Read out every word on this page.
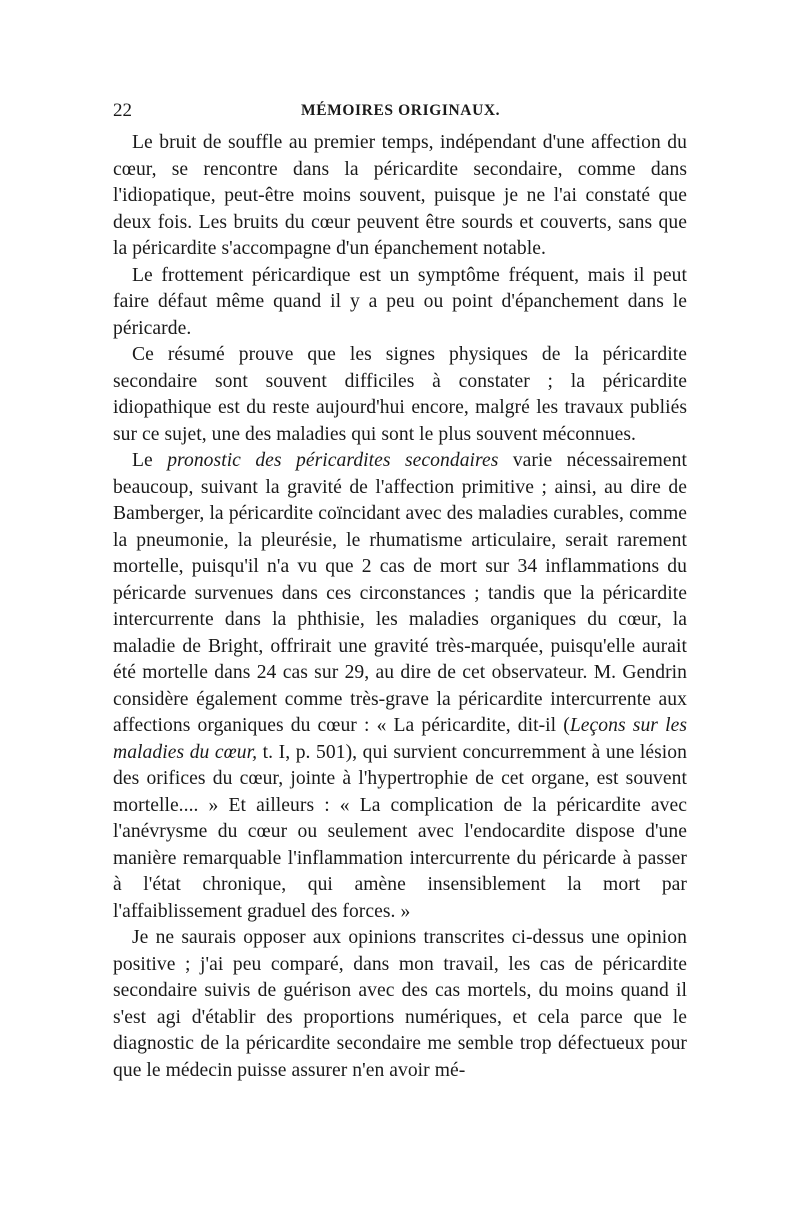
22	MÉMOIRES ORIGINAUX.

Le bruit de souffle au premier temps, indépendant d'une affection du cœur, se rencontre dans la péricardite secondaire, comme dans l'idiopatique, peut-être moins souvent, puisque je ne l'ai constaté que deux fois. Les bruits du cœur peuvent être sourds et couverts, sans que la péricardite s'accompagne d'un épanchement notable.

Le frottement péricardique est un symptôme fréquent, mais il peut faire défaut même quand il y a peu ou point d'épanchement dans le péricarde.

Ce résumé prouve que les signes physiques de la péricardite secondaire sont souvent difficiles à constater ; la péricardite idiopathique est du reste aujourd'hui encore, malgré les travaux publiés sur ce sujet, une des maladies qui sont le plus souvent méconnues.

Le pronostic des péricardites secondaires varie nécessairement beaucoup, suivant la gravité de l'affection primitive ; ainsi, au dire de Bamberger, la péricardite coïncidant avec des maladies curables, comme la pneumonie, la pleurésie, le rhumatisme articulaire, serait rarement mortelle, puisqu'il n'a vu que 2 cas de mort sur 34 inflammations du péricarde survenues dans ces circonstances ; tandis que la péricardite intercurrente dans la phthisie, les maladies organiques du cœur, la maladie de Bright, offrirait une gravité très-marquée, puisqu'elle aurait été mortelle dans 24 cas sur 29, au dire de cet observateur. M. Gendrin considère également comme très-grave la péricardite intercurrente aux affections organiques du cœur : « La péricardite, dit-il (Leçons sur les maladies du cœur, t. I, p. 501), qui survient concurremment à une lésion des orifices du cœur, jointe à l'hypertrophie de cet organe, est souvent mortelle.... » Et ailleurs : « La complication de la péricardite avec l'anévrysme du cœur ou seulement avec l'endocardite dispose d'une manière remarquable l'inflammation intercurrente du péricarde à passer à l'état chronique, qui amène insensiblement la mort par l'affaiblissement graduel des forces. »

Je ne saurais opposer aux opinions transcrites ci-dessus une opinion positive ; j'ai peu comparé, dans mon travail, les cas de péricardite secondaire suivis de guérison avec des cas mortels, du moins quand il s'est agi d'établir des proportions numériques, et cela parce que le diagnostic de la péricardite secondaire me semble trop défectueux pour que le médecin puisse assurer n'en avoir mé-
